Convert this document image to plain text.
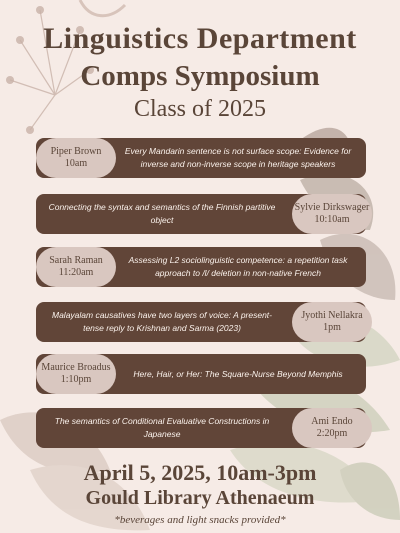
Linguistics Department
Comps Symposium
Class of 2025
Every Mandarin sentence is not surface scope: Evidence for inverse and non-inverse scope in heritage speakers
Piper Brown
10am
Connecting the syntax and semantics of the Finnish partitive object
Sylvie Dirkswager
10:10am
Assessing L2 sociolinguistic competence: a repetition task approach to /l/ deletion in non-native French
Sarah Raman
11:20am
Malayalam causatives have two layers of voice: A present-tense reply to Krishnan and Sarma (2023)
Jyothi Nellakra
1pm
Here, Hair, or Her: The Square-Nurse Beyond Memphis
Maurice Broadus
1:10pm
The semantics of Conditional Evaluative Constructions in Japanese
Ami Endo
2:20pm
April 5, 2025, 10am-3pm
Gould Library Athenaeum
*beverages and light snacks provided*
